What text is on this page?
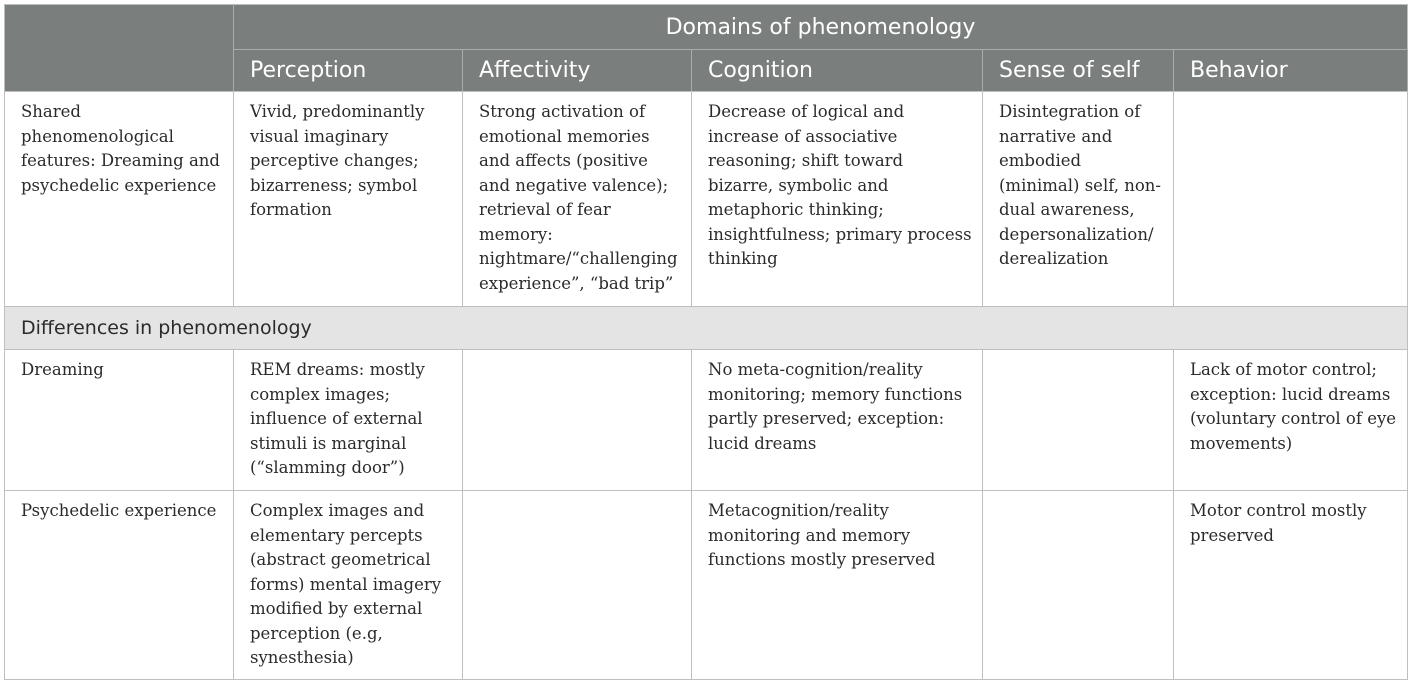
	Domains of phenomenology				
	Perception	Affectivity	Cognition	Sense of self	Behavior
Shared phenomenological features: Dreaming and psychedelic experience	Vivid, predominantly visual imaginary perceptive changes; bizarreness; symbol formation	Strong activation of emotional memories and affects (positive and negative valence); retrieval of fear memory: nightmare/“challenging experience”, “bad trip”	Decrease of logical and increase of associative reasoning; shift toward bizarre, symbolic and metaphoric thinking; insightfulness; primary process thinking	Disintegration of narrative and embodied (minimal) self, non-dual awareness, depersonalization/ derealization	
Differences in phenomenology					
Dreaming	REM dreams: mostly complex images; influence of external stimuli is marginal (“slamming door”)		No meta-cognition/reality monitoring; memory functions partly preserved; exception: lucid dreams		Lack of motor control; exception: lucid dreams (voluntary control of eye movements)
Psychedelic experience	Complex images and elementary percepts (abstract geometrical forms) mental imagery modified by external perception (e.g, synesthesia)		Metacognition/reality monitoring and memory functions mostly preserved		Motor control mostly preserved
